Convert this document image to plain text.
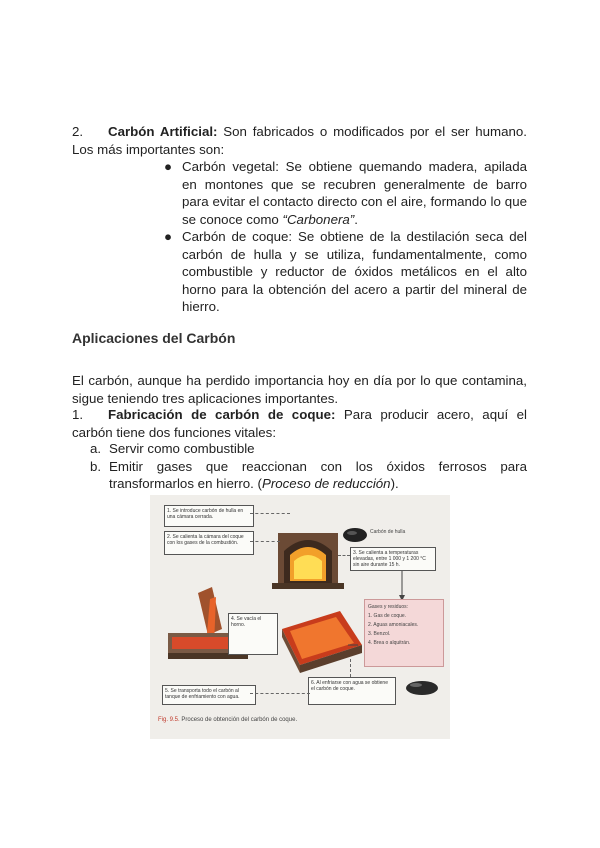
2. Carbón Artificial: Son fabricados o modificados por el ser humano. Los más importantes son:
● Carbón vegetal: Se obtiene quemando madera, apilada en montones que se recubren generalmente de barro para evitar el contacto directo con el aire, formando lo que se conoce como “Carbonera”.
● Carbón de coque: Se obtiene de la destilación seca del carbón de hulla y se utiliza, fundamentalmente, como combustible y reductor de óxidos metálicos en el alto horno para la obtención del acero a partir del mineral de hierro.
Aplicaciones del Carbón
El carbón, aunque ha perdido importancia hoy en día por lo que contamina, sigue teniendo tres aplicaciones importantes.
1. Fabricación de carbón de coque: Para producir acero, aquí el carbón tiene dos funciones vitales:
a. Servir como combustible
b. Emitir gases que reaccionan con los óxidos ferrosos para transformarlos en hierro. (Proceso de reducción).
1. Se introduce carbón de hulla en una cámara cerrada.
2. Se calienta la cámara del coque con los gases de la combustión.
3. Se calienta a temperaturas elevadas, entre 1 000 y 1 200 °C sin aire durante 15 h.
4. Se vacía el horno.
5. Se transporta todo el carbón al tanque de enfriamiento con agua.
6. Al enfriarse con agua se obtiene el carbón de coque.
Carbón de hulla
Gases y residuos:
1. Gas de coque.
2. Aguas amoniacales.
3. Benzol.
4. Brea o alquitrán.
Fig. 9.5. Proceso de obtención del carbón de coque.
